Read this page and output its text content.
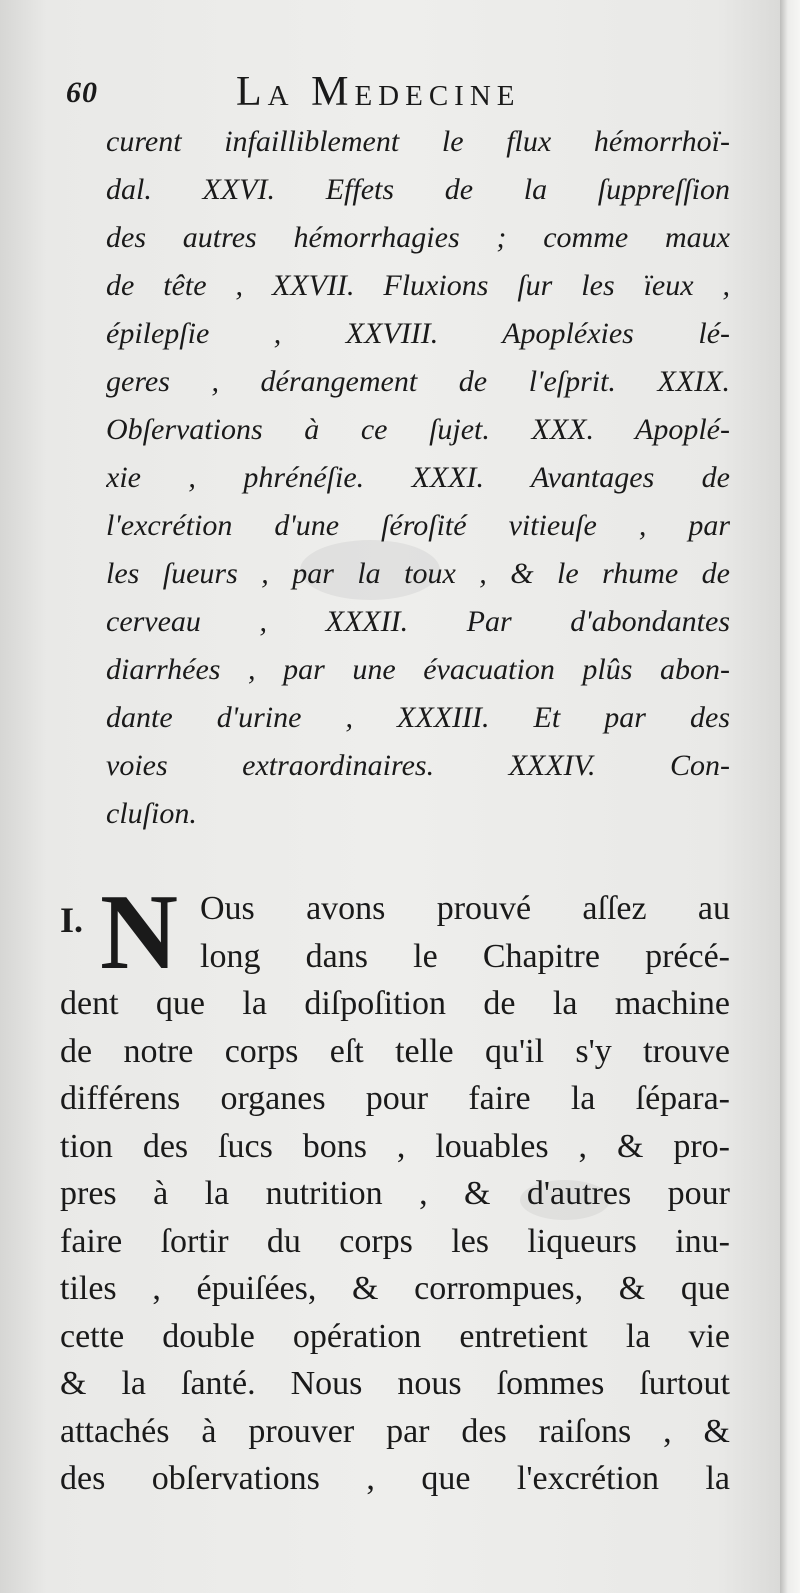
60	La Medecine
curent infailliblement le flux hémorrhoï-
dal. XXVI. Effets de la ſuppreſſion
des autres hémorrhagies ; comme maux
de tête , XXVII. Fluxions ſur les ïeux ,
épilepſie , XXVIII. Apopléxies lé-
geres , dérangement de l'eſprit. XXIX.
Obſervations à ce ſujet. XXX. Apoplé-
xie , phrénéſie. XXXI. Avantages de
l'excrétion d'une ſéroſité vitieuſe , par
les ſueurs , par la toux , & le rhume de
cerveau , XXXII. Par d'abondantes
diarrhées , par une évacuation plûs abon-
dante d'urine , XXXIII. Et par des
voies extraordinaires. XXXIV. Con-
cluſion.
I. N Ous avons prouvé aſſez au
long dans le Chapitre précé-
dent que la diſpoſition de la machine
de notre corps eſt telle qu'il s'y trouve
différens organes pour faire la ſépara-
tion des ſucs bons , louables , & pro-
pres à la nutrition , & d'autres pour
faire ſortir du corps les liqueurs inu-
tiles , épuiſées, & corrompues, & que
cette double opération entretient la vie
& la ſanté. Nous nous ſommes ſurtout
attachés à prouver par des raiſons , &
des obſervations , que l'excrétion la
